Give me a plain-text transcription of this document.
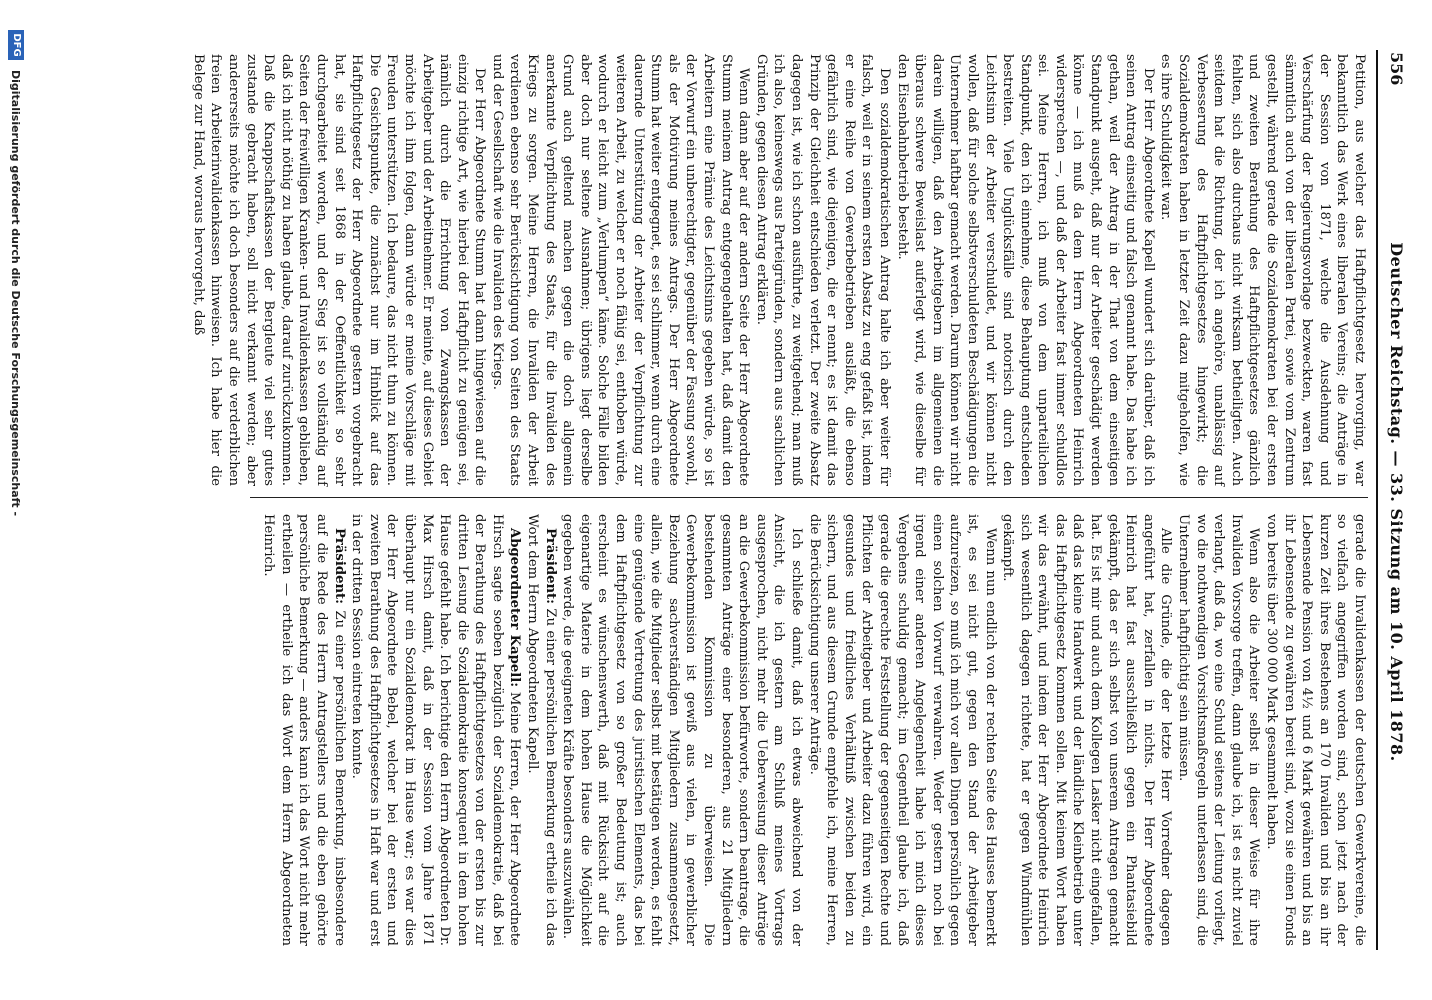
556
Deutscher Reichstag. — 33. Sitzung am 10. April 1878.

Petition, aus welcher das Haftpflichtgesetz hervorging, war bekanntlich das Werk eines liberalen Vereins; die Anträge in der Session von 1871, welche die Ausdehnung und Verschärfung der Regierungsvorlage bezweckten, waren fast sämmtlich auch von der liberalen Partei, sowie vom Zentrum gestellt, während gerade die Sozialdemokraten bei der ersten und zweiten Berathung des Haftpflichtgesetzes gänzlich fehlten, sich also durchaus nicht wirksam betheiligten. Auch seitdem hat die Richtung, der ich angehöre, unablässig auf Verbesserung des Haftpflichtgesetzes hingewirkt; die Sozialdemokraten haben in letzter Zeit dazu mitgeholfen, wie es ihre Schuldigkeit war.

Der Herr Abgeordnete Kapell wundert sich darüber, daß ich seinen Antrag einseitig und falsch genannt habe. Das habe ich gethan, weil der Antrag in der That von dem einseitigen Standpunkt ausgeht, daß nur der Arbeiter geschädigt werden könne — ich muß da dem Herrn Abgeordneten Heinrich widersprechen —, und daß der Arbeiter fast immer schuldlos sei. Meine Herren, ich muß von dem unparteilichen Standpunkt, den ich einnehme, diese Behauptung entschieden bestreiten. Viele Unglücksfälle sind notorisch durch den Leichtsinn der Arbeiter verschuldet, und wir können nicht wollen, daß für solche selbstverschuldeten Beschädigungen die Unternehmer haftbar gemacht werden. Darum können wir nicht darein willigen, daß den Arbeitgebern im allgemeinen die überaus schwere Beweislast auferlegt wird, wie dieselbe für den Eisenbahnbetrieb besteht.

Den sozialdemokratischen Antrag halte ich aber weiter für falsch, weil er in seinem ersten Absatz zu eng gefaßt ist, indem er eine Reihe von Gewerbebetrieben ausläßt, die ebenso gefährlich sind, wie diejenigen, die er nennt; es ist damit das Prinzip der Gleichheit entschieden verletzt. Der zweite Absatz dagegen ist, wie ich schon ausführte, zu weitgehend; man muß ich also, keineswegs aus Parteigründen, sondern aus sachlichen Gründen, gegen diesen Antrag erklären.

Wenn dann aber auf der andern Seite der Herr Abgeordnete Stumm meinem Antrag entgegengehalten hat, daß damit den Arbeitern eine Prämie des Leichtsinns gegeben würde, so ist der Vorwurf ein unberechtigter, gegenüber der Fassung sowohl, als der Motivirung meines Antrags. Der Herr Abgeordnete Stumm hat weiter entgegnet, es sei schlimmer, wenn durch eine dauernde Unterstützung der Arbeiter der Verpflichtung zur weiteren Arbeit, zu welcher er noch fähig sei, enthoben würde, wodurch er leicht zum „Verlumpen“ käme. Solche Fälle bilden aber doch nur seltene Ausnahmen; übrigens liegt derselbe Grund auch geltend machen gegen die doch allgemein anerkannte Verpflichtung des Staats, für die Invaliden des Kriegs zu sorgen. Meine Herren, die Invaliden der Arbeit verdienen ebenso sehr Berücksichtigung von Seiten des Staats und der Gesellschaft wie die Invaliden des Kriegs.

Der Herr Abgeordnete Stumm hat dann hingewiesen auf die einzig richtige Art, wie hierbei der Haftpflicht zu genügen sei, nämlich durch die Errichtung von Zwangskassen der Arbeitgeber und der Arbeitnehmer. Er meinte, auf dieses Gebiet möchte ich ihm folgen, dann würde er meine Vorschläge mit Freuden unterstützen. Ich bedaure, das nicht thun zu können. Die Gesichtspunkte, die zunächst nur im Hinblick auf das Haftpflichtgesetz der Herr Abgeordnete gestern vorgebracht hat, sie sind seit 1868 in der Oeffentlichkeit so sehr durchgearbeitet worden, und der Sieg ist so vollständig auf Seiten der freiwilligen Kranken- und Invalidenkassen geblieben, daß ich nicht nöthig zu haben glaube, darauf zurückzukommen. Daß die Knappschaftskassen der Bergleute viel sehr gutes zustande gebracht haben, soll nicht verkannt werden; aber andererseits möchte ich doch besonders auf die verderblichen freien Arbeiterinvalidenkassen hinweisen. Ich habe hier die Belege zur Hand, woraus hervorgeht, daß

gerade die Invalidenkassen der deutschen Gewerkvereine, die so vielfach angegriffen worden sind, schon jetzt nach der kurzen Zeit ihres Bestehens an 170 Invaliden und bis an ihr Lebensende Pension von 4½ und 6 Mark gewähren und bis an ihr Lebensende zu gewähren bereit sind, wozu sie einen Fonds von bereits über 300 000 Mark gesammelt haben.

Wenn also die Arbeiter selbst in dieser Weise für ihre Invaliden Vorsorge treffen, dann glaube ich, ist es nicht zuviel verlangt, daß da, wo eine Schuld seitens der Leitung vorliegt, wo die nothwendigen Vorsichtsmaßregeln unterlassen sind, die Unternehmer haftpflichtig sein müssen.

Alle die Gründe, die der letzte Herr Vorredner dagegen angeführt hat, zerfallen in nichts. Der Herr Abgeordnete Heinrich hat fast ausschließlich gegen ein Phantasiebild gekämpft, das er sich selbst von unserem Antragen gemacht hat. Es ist mir und auch dem Kollegen Lasker nicht eingefallen, daß das kleine Handwerk und der ländliche Kleinbetrieb unter das Haftpflichtgesetz kommen sollen. Mit keinem Wort haben wir das erwähnt, und indem der Herr Abgeordnete Heinrich sich wesentlich dagegen richtete, hat er gegen Windmühlen gekämpft.

Wenn nun endlich von der rechten Seite des Hauses bemerkt ist, es sei nicht gut, gegen den Stand der Arbeitgeber aufzureizen, so muß ich mich vor allen Dingen persönlich gegen einen solchen Vorwurf verwahren. Weder gestern noch bei irgend einer anderen Angelegenheit habe ich mich dieses Vergehens schuldig gemacht; im Gegentheil glaube ich, daß gerade die gerechte Feststellung der gegenseitigen Rechte und Pflichten der Arbeitgeber und Arbeiter dazu führen wird, ein gesundes und friedliches Verhältniß zwischen beiden zu sichern, und aus diesem Grunde empfehle ich, meine Herren, die Berücksichtigung unserer Anträge.

Ich schließe damit, daß ich etwas abweichend von der Ansicht, die ich gestern am Schluß meines Vortrags ausgesprochen, nicht mehr die Ueberweisung dieser Anträge an die Gewerbekommission befürworte, sondern beantrage, die gesammten Anträge einer besonderen, aus 21 Mitgliedern bestehenden Kommission zu überweisen. Die Gewerbekommission ist gewiß aus vielen, in gewerblicher Beziehung sachverständigen Mitgliedern zusammengesetzt, allein, wie die Mitglieder selbst mit bestätigen werden, es fehlt eine genügende Vertretung des juristischen Elements, das bei dem Haftpflichtgesetz von so großer Bedeutung ist; auch erscheint es wünschenswerth, daß mit Rücksicht auf die eigenartige Materie in dem hohen Hause die Möglichkeit gegeben werde, die geeigneten Kräfte besonders auszuwählen.

Präsident: Zu einer persönlichen Bemerkung ertheile ich das Wort dem Herrn Abgeordneten Kapell.

Abgeordneter Kapell: Meine Herren, der Herr Abgeordnete Hirsch sagte soeben bezüglich der Sozialdemokratie, daß bei der Berathung des Haftpflichtgesetzes von der ersten bis zur dritten Lesung die Sozialdemokratie konsequent in dem hohen Hause gefehlt habe. Ich berichtige den Herrn Abgeordneten Dr. Max Hirsch damit, daß in der Session vom Jahre 1871 überhaupt nur ein Sozialdemokrat im Hause war; es war dies der Herr Abgeordnete Bebel, welcher bei der ersten und zweiten Berathung des Haftpflichtgesetzes in Haft war und erst in der dritten Session eintreten konnte.

Präsident: Zu einer persönlichen Bemerkung, insbesondere auf die Rede des Herrn Antragstellers und die eben gehörte persönliche Bemerkung — anders kann ich das Wort nicht mehr ertheilen — ertheile ich das Wort dem Herrn Abgeordneten Heinrich.

DFG
Digitalisierung gefördert durch die Deutsche Forschungsgemeinschaft -
